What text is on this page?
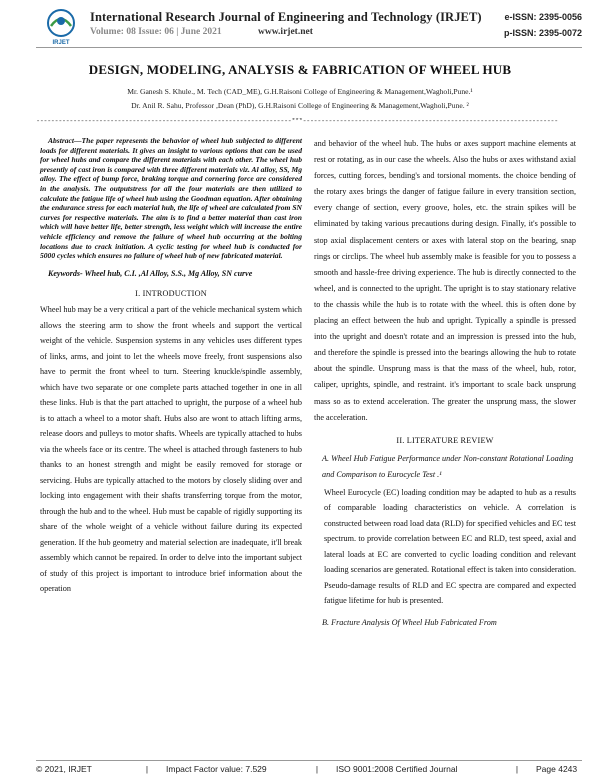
IRJET
International Research Journal of Engineering and Technology (IRJET)
Volume: 08 Issue: 06 | June 2021	www.irjet.net
e-ISSN: 2395-0056
p-ISSN: 2395-0072
DESIGN, MODELING, ANALYSIS & FABRICATION OF WHEEL HUB
Mr. Ganesh S. Khule., M. Tech (CAD_ME), G.H.Raisoni College of Engineering & Management,Wagholi,Pune.¹
Dr. Anil R. Sahu, Professor ,Dean (PhD), G.H.Raisoni College of Engineering & Management,Wagholi,Pune. ²
---------------------------------------------------------------------***---------------------------------------------------------------------

Abstract—The paper represents the behavior of wheel hub subjected to different loads for different materials. It gives an insight to various options that can be used for wheel hubs and compare the different materials with each other. The wheel hub presently of cast iron is compared with three different materials viz. Al alloy, SS, Mg alloy. The effect of bump force, braking torque and cornering force are considered in the analysis. The outputstress for all the four materials are then utilized to calculate the fatigue life of wheel hub using the Goodman equation. After obtaining the endurance stress for each material hub, the life of wheel are calculated from SN curves for respective materials. The aim is to find a better material than cast iron which will have better life, better strength, less weight which will increase the entire vehicle efficiency and remove the failure of wheel hub occurring at the bolting locations due to crack initiation. A cyclic testing for wheel hub is conducted for 5000 cycles which ensures no failure of wheel hub of new fabricated material.

Keywords- Wheel hub, C.I. ,Al Alloy, S.S., Mg Alloy, SN curve

I. INTRODUCTION

Wheel hub may be a very critical a part of the vehicle mechanical system which allows the steering arm to show the front wheels and support the vertical weight of the vehicle. Suspension systems in any vehicles uses different types of links, arms, and joint to let the wheels move freely, front suspensions also have to permit the front wheel to turn. Steering knuckle/spindle assembly, which have two separate or one complete parts attached together in one in all these links. Hub is that the part attached to upright, the purpose of a wheel hub is to attach a wheel to a motor shaft. Hubs also are wont to attach lifting arms, release doors and pulleys to motor shafts. Wheels are typically attached to hubs via the wheels face or its centre. The wheel is attached through fasteners to hub thanks to an honest strength and might be easily removed for storage or servicing. Hubs are typically attached to the motors by closely sliding over and locking into engagement with their shafts transferring torque from the motor, through the hub and to the wheel. Hub must be capable of rigidly supporting its share of the whole weight of a vehicle without failure during its expected generation. If the hub geometry and material selection are inadequate, it'll break assembly which cannot be repaired. In order to delve into the important subject of study of this project is important to introduce brief information about the operation

and behavior of the wheel hub. The hubs or axes support machine elements at rest or rotating, as in our case the wheels. Also the hubs or axes withstand axial forces, cutting forces, bending's and torsional moments. the choice bending of the rotary axes brings the danger of fatigue failure in every transition section, every change of section, every groove, holes, etc. the strain spikes will be eliminated by taking various precautions during design. Finally, it's possible to stop axial displacement centers or axes with lateral stop on the bearing, snap rings or circlips. The wheel hub assembly make is feasible for you to possess a smooth and hassle-free driving experience. The hub is directly connected to the wheel, and is connected to the upright. The upright is to stay stationary relative to the chassis while the hub is to rotate with the wheel. this is often done by placing an effect between the hub and upright. Typically a spindle is pressed into the upright and doesn't rotate and an impression is pressed into the hub, and therefore the spindle is pressed into the bearings allowing the hub to rotate about the spindle. Unsprung mass is that the mass of the wheel, hub, rotor, caliper, uprights, spindle, and restraint. it's important to scale back unsprung mass so as to extend acceleration. The greater the unsprung mass, the slower the acceleration.

II. LITERATURE REVIEW

A. Wheel Hub Fatigue Performance under Non-constant Rotational Loading and Comparison to Eurocycle Test .¹

Wheel Eurocycle (EC) loading condition may be adapted to hub as a results of comparable loading characteristics on vehicle. A correlation is constructed between road load data (RLD) for specified vehicles and EC test spectrum. to provide correlation between EC and RLD, test speed, axial and lateral loads at EC are converted to cyclic loading condition and relevant loading scenarios are generated. Rotational effect is taken into consideration. Pseudo-damage results of RLD and EC spectra are compared and expected fatigue lifetime for hub is presented.

B. Fracture Analysis Of Wheel Hub Fabricated From

© 2021, IRJET	| Impact Factor value: 7.529	| ISO 9001:2008 Certified Journal	| Page 4243
